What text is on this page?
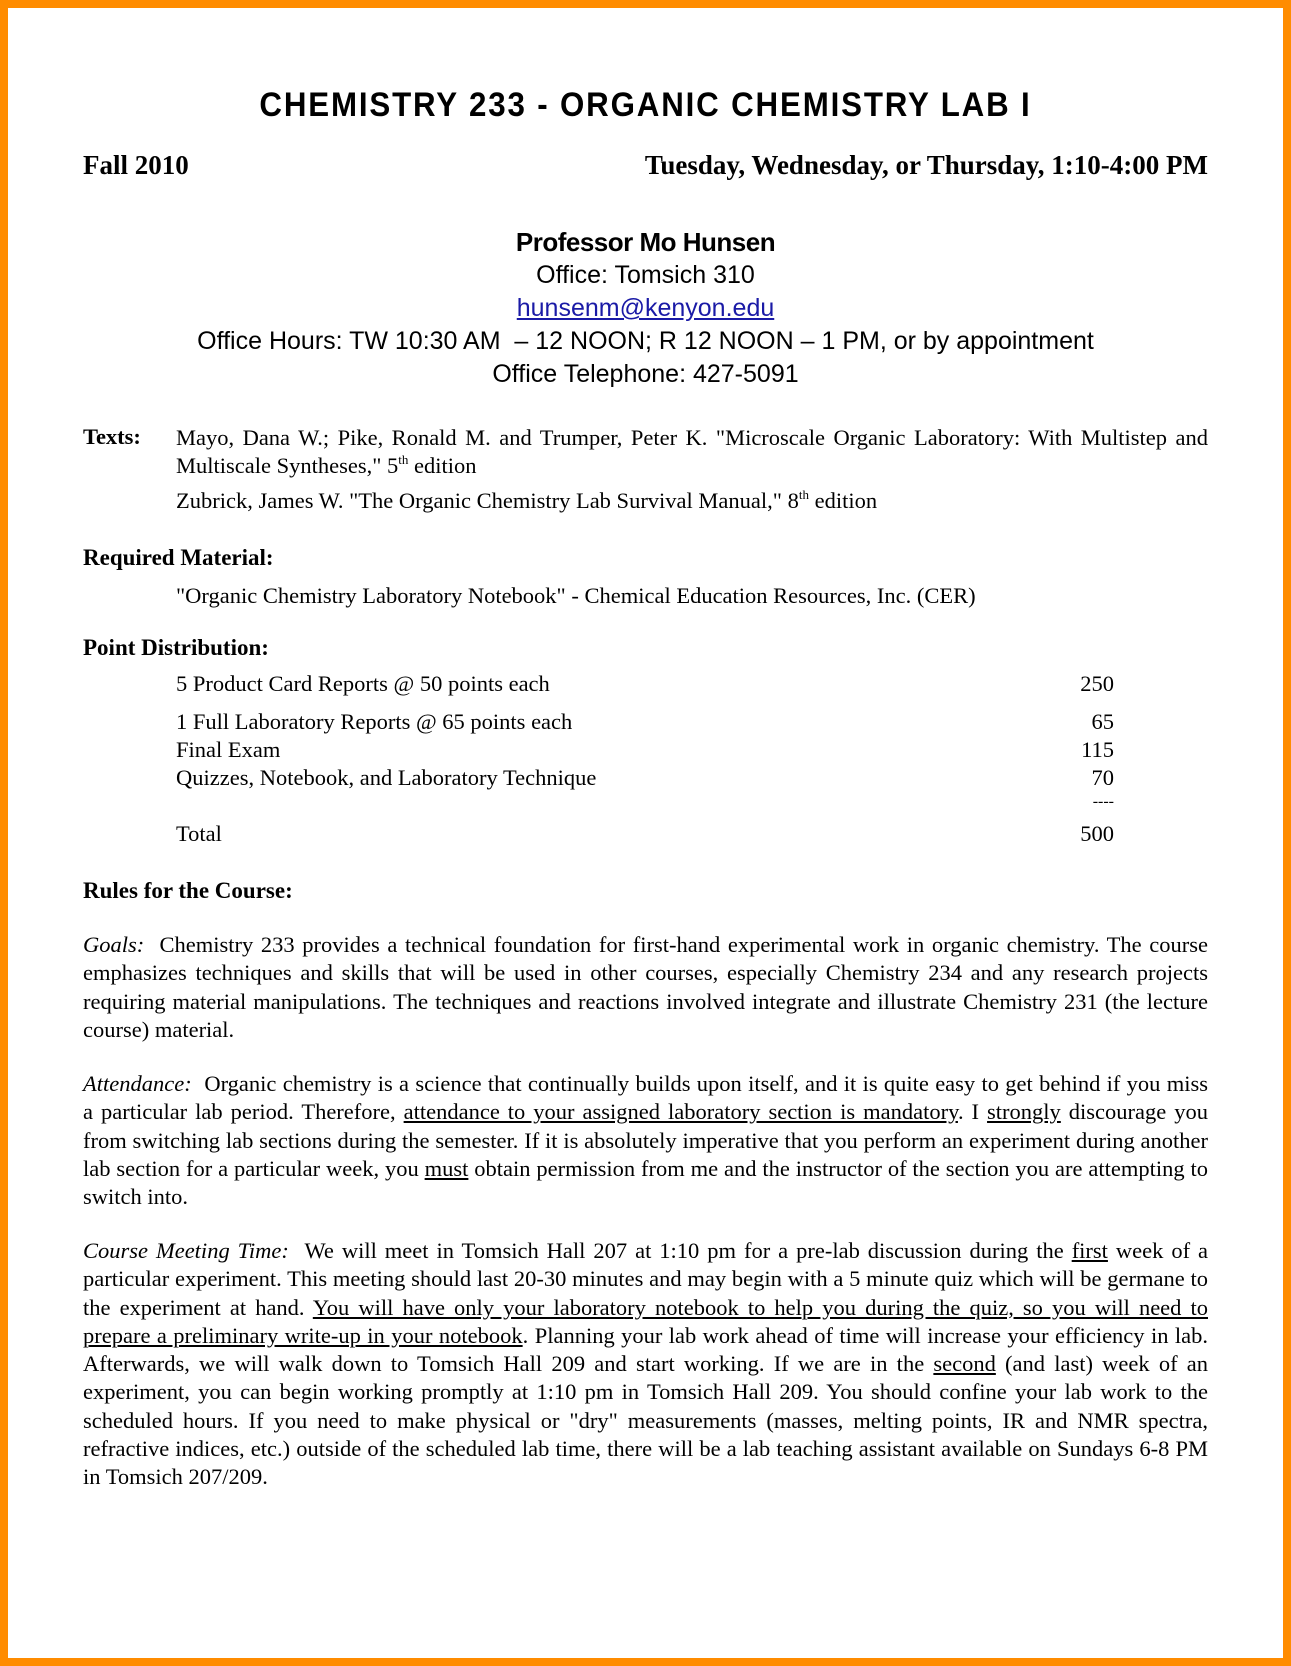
CHEMISTRY 233 - ORGANIC CHEMISTRY LAB I
Fall 2010	Tuesday, Wednesday, or Thursday, 1:10-4:00 PM
Professor Mo Hunsen
Office: Tomsich 310
hunsenm@kenyon.edu
Office Hours: TW 10:30 AM  – 12 NOON; R 12 NOON – 1 PM, or by appointment
Office Telephone: 427-5091
Texts: Mayo, Dana W.; Pike, Ronald M. and Trumper, Peter K. "Microscale Organic Laboratory: With Multistep and Multiscale Syntheses," 5th edition

Zubrick, James W. "The Organic Chemistry Lab Survival Manual," 8th edition

Required Material:
"Organic Chemistry Laboratory Notebook" - Chemical Education Resources, Inc. (CER)
Point Distribution:
5 Product Card Reports @ 50 points each	250
1 Full Laboratory Reports @ 65 points each	65
Final Exam	115
Quizzes, Notebook, and Laboratory Technique	70
----
Total	500
Rules for the Course:
Goals: Chemistry 233 provides a technical foundation for first-hand experimental work in organic chemistry. The course emphasizes techniques and skills that will be used in other courses, especially Chemistry 234 and any research projects requiring material manipulations. The techniques and reactions involved integrate and illustrate Chemistry 231 (the lecture course) material.
Attendance: Organic chemistry is a science that continually builds upon itself, and it is quite easy to get behind if you miss a particular lab period. Therefore, attendance to your assigned laboratory section is mandatory. I strongly discourage you from switching lab sections during the semester. If it is absolutely imperative that you perform an experiment during another lab section for a particular week, you must obtain permission from me and the instructor of the section you are attempting to switch into.
Course Meeting Time: We will meet in Tomsich Hall 207 at 1:10 pm for a pre-lab discussion during the first week of a particular experiment. This meeting should last 20-30 minutes and may begin with a 5 minute quiz which will be germane to the experiment at hand. You will have only your laboratory notebook to help you during the quiz, so you will need to prepare a preliminary write-up in your notebook. Planning your lab work ahead of time will increase your efficiency in lab. Afterwards, we will walk down to Tomsich Hall 209 and start working. If we are in the second (and last) week of an experiment, you can begin working promptly at 1:10 pm in Tomsich Hall 209. You should confine your lab work to the scheduled hours. If you need to make physical or "dry" measurements (masses, melting points, IR and NMR spectra, refractive indices, etc.) outside of the scheduled lab time, there will be a lab teaching assistant available on Sundays 6-8 PM in Tomsich 207/209.
